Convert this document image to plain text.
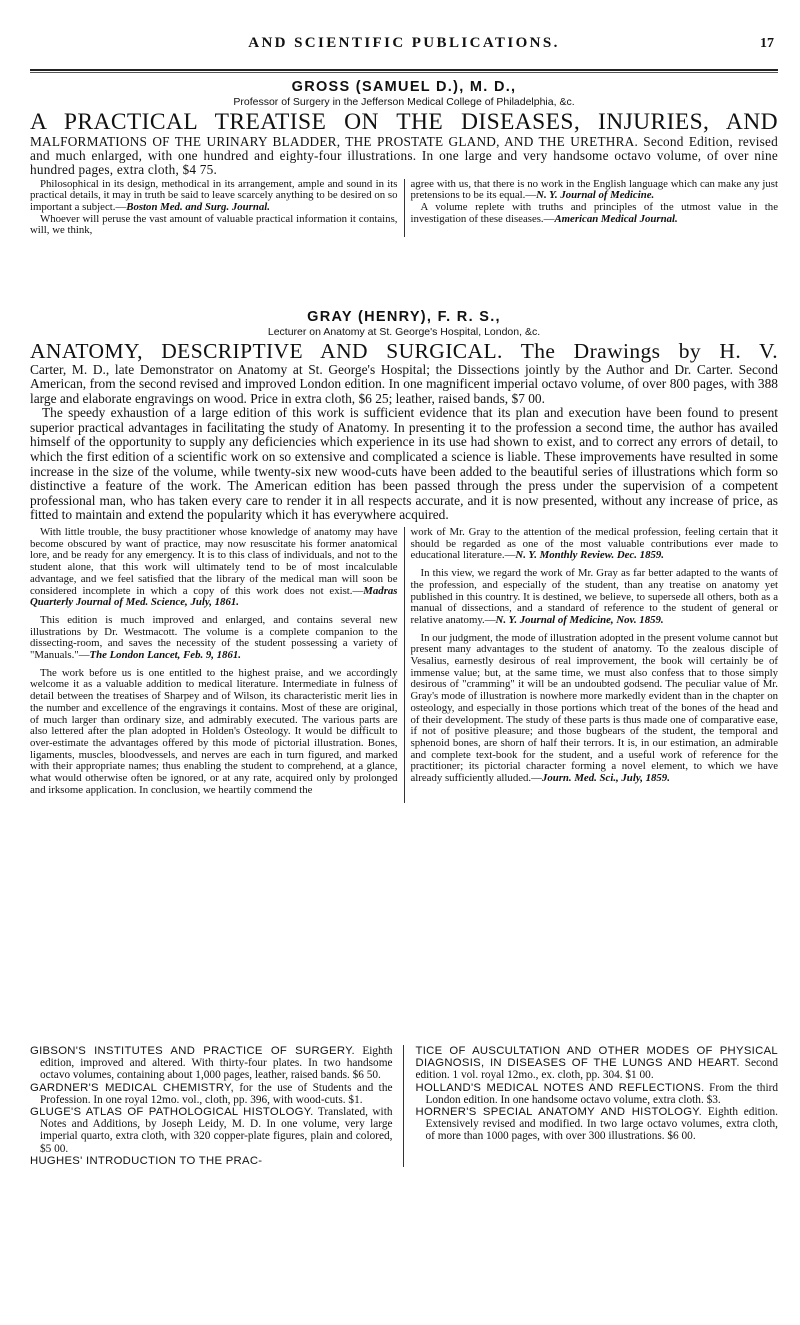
AND SCIENTIFIC PUBLICATIONS.	17
GROSS (SAMUEL D.), M. D.,
Professor of Surgery in the Jefferson Medical College of Philadelphia, &c.
A PRACTICAL TREATISE ON THE DISEASES, INJURIES, AND
MALFORMATIONS OF THE URINARY BLADDER, THE PROSTATE GLAND, AND THE URETHRA. Second Edition, revised and much enlarged, with one hundred and eighty-four illustrations. In one large and very handsome octavo volume, of over nine hundred pages, extra cloth, $4 75.

Philosophical in its design, methodical in its arrangement, ample and sound in its practical details, it may in truth be said to leave scarcely anything to be desired on so important a subject.—Boston Med. and Surg. Journal.

Whoever will peruse the vast amount of valuable practical information it contains, will, we think,

agree with us, that there is no work in the English language which can make any just pretensions to be its equal.—N. Y. Journal of Medicine.

A volume replete with truths and principles of the utmost value in the investigation of these diseases.—American Medical Journal.

GRAY (HENRY), F. R. S.,
Lecturer on Anatomy at St. George's Hospital, London, &c.
ANATOMY, DESCRIPTIVE AND SURGICAL. The Drawings by H. V.
Carter, M. D., late Demonstrator on Anatomy at St. George's Hospital; the Dissections jointly by the Author and Dr. Carter. Second American, from the second revised and improved London edition. In one magnificent imperial octavo volume, of over 800 pages, with 388 large and elaborate engravings on wood. Price in extra cloth, $6 25; leather, raised bands, $7 00.
The speedy exhaustion of a large edition of this work is sufficient evidence that its plan and execution have been found to present superior practical advantages in facilitating the study of Anatomy. In presenting it to the profession a second time, the author has availed himself of the opportunity to supply any deficiencies which experience in its use had shown to exist, and to correct any errors of detail, to which the first edition of a scientific work on so extensive and complicated a science is liable. These improvements have resulted in some increase in the size of the volume, while twenty-six new wood-cuts have been added to the beautiful series of illustrations which form so distinctive a feature of the work. The American edition has been passed through the press under the supervision of a competent professional man, who has taken every care to render it in all respects accurate, and it is now presented, without any increase of price, as fitted to maintain and extend the popularity which it has everywhere acquired.

With little trouble, the busy practitioner whose knowledge of anatomy may have become obscured by want of practice, may now resuscitate his former anatomical lore, and be ready for any emergency. It is to this class of individuals, and not to the student alone, that this work will ultimately tend to be of most incalculable advantage, and we feel satisfied that the library of the medical man will soon be considered incomplete in which a copy of this work does not exist.—Madras Quarterly Journal of Med. Science, July, 1861.

This edition is much improved and enlarged, and contains several new illustrations by Dr. Westmacott. The volume is a complete companion to the dissecting-room, and saves the necessity of the student possessing a variety of "Manuals."—The London Lancet, Feb. 9, 1861.

The work before us is one entitled to the highest praise, and we accordingly welcome it as a valuable addition to medical literature. Intermediate in fulness of detail between the treatises of Sharpey and of Wilson, its characteristic merit lies in the number and excellence of the engravings it contains. Most of these are original, of much larger than ordinary size, and admirably executed. The various parts are also lettered after the plan adopted in Holden's Osteology. It would be difficult to over-estimate the advantages offered by this mode of pictorial illustration. Bones, ligaments, muscles, bloodvessels, and nerves are each in turn figured, and marked with their appropriate names; thus enabling the student to comprehend, at a glance, what would otherwise often be ignored, or at any rate, acquired only by prolonged and irksome application. In conclusion, we heartily commend the

work of Mr. Gray to the attention of the medical profession, feeling certain that it should be regarded as one of the most valuable contributions ever made to educational literature.—N. Y. Monthly Review. Dec. 1859.

In this view, we regard the work of Mr. Gray as far better adapted to the wants of the profession, and especially of the student, than any treatise on anatomy yet published in this country. It is destined, we believe, to supersede all others, both as a manual of dissections, and a standard of reference to the student of general or relative anatomy.—N. Y. Journal of Medicine, Nov. 1859.

In our judgment, the mode of illustration adopted in the present volume cannot but present many advantages to the student of anatomy. To the zealous disciple of Vesalius, earnestly desirous of real improvement, the book will certainly be of immense value; but, at the same time, we must also confess that to those simply desirous of "cramming" it will be an undoubted godsend. The peculiar value of Mr. Gray's mode of illustration is nowhere more markedly evident than in the chapter on osteology, and especially in those portions which treat of the bones of the head and of their development. The study of these parts is thus made one of comparative ease, if not of positive pleasure; and those bugbears of the student, the temporal and sphenoid bones, are shorn of half their terrors. It is, in our estimation, an admirable and complete text-book for the student, and a useful work of reference for the practitioner; its pictorial character forming a novel element, to which we have already sufficiently alluded.—Journ. Med. Sci., July, 1859.

GIBSON'S INSTITUTES AND PRACTICE OF SURGERY. Eighth edition, improved and altered. With thirty-four plates. In two handsome octavo volumes, containing about 1,000 pages, leather, raised bands. $6 50.

GARDNER'S MEDICAL CHEMISTRY, for the use of Students and the Profession. In one royal 12mo. vol., cloth, pp. 396, with wood-cuts. $1.

GLUGE'S ATLAS OF PATHOLOGICAL HISTOLOGY. Translated, with Notes and Additions, by Joseph Leidy, M. D. In one volume, very large imperial quarto, extra cloth, with 320 copper-plate figures, plain and colored, $5 00.

HUGHES' INTRODUCTION TO THE PRAC-

TICE OF AUSCULTATION AND OTHER MODES OF PHYSICAL DIAGNOSIS, IN DISEASES OF THE LUNGS AND HEART. Second edition. 1 vol. royal 12mo., ex. cloth, pp. 304. $1 00.

HOLLAND'S MEDICAL NOTES AND REFLECTIONS. From the third London edition. In one handsome octavo volume, extra cloth. $3.

HORNER'S SPECIAL ANATOMY AND HISTOLOGY. Eighth edition. Extensively revised and modified. In two large octavo volumes, extra cloth, of more than 1000 pages, with over 300 illustrations. $6 00.
